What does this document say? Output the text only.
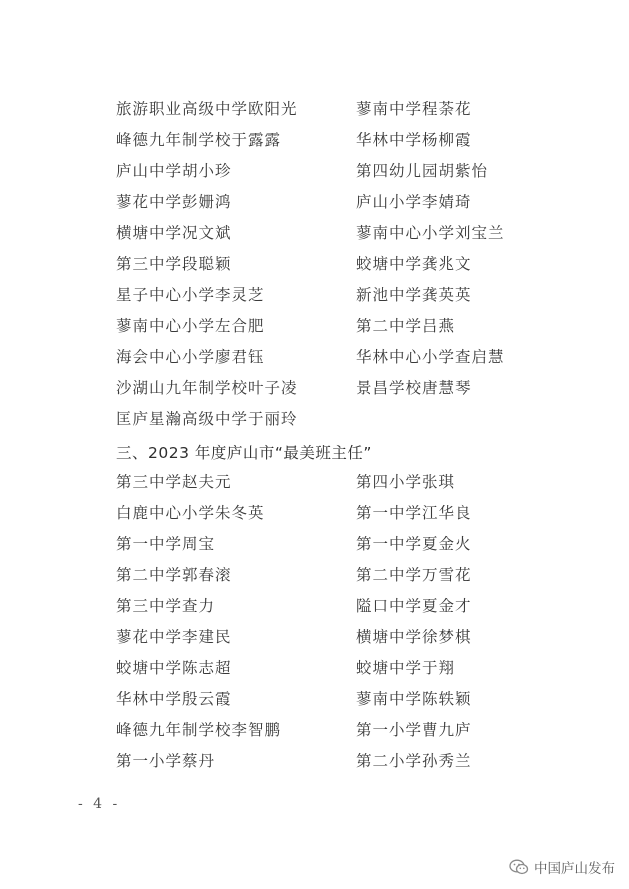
旅游职业高级中学欧阳光	蓼南中学程荼花
峰德九年制学校于露露	华林中学杨柳霞
庐山中学胡小珍	第四幼儿园胡紫怡
蓼花中学彭姗鸿	庐山小学李婧琦
横塘中学况文斌	蓼南中心小学刘宝兰
第三中学段聪颖	蛟塘中学龚兆文
星子中心小学李灵芝	新池中学龚英英
蓼南中心小学左合肥	第二中学吕燕
海会中心小学廖君钰	华林中心小学查启慧
沙湖山九年制学校叶子凌	景昌学校唐慧琴
匡庐星瀚高级中学于丽玲
三、2023 年度庐山市“最美班主任”
第三中学赵夫元	第四小学张琪
白鹿中心小学朱冬英	第一中学江华良
第一中学周宝	第一中学夏金火
第二中学郭春滚	第二中学万雪花
第三中学查力	隘口中学夏金才
蓼花中学李建民	横塘中学徐梦棋
蛟塘中学陈志超	蛟塘中学于翔
华林中学殷云霞	蓼南中学陈轶颖
峰德九年制学校李智鹏	第一小学曹九庐
第一小学蔡丹	第二小学孙秀兰
- 4 -
中国庐山发布
